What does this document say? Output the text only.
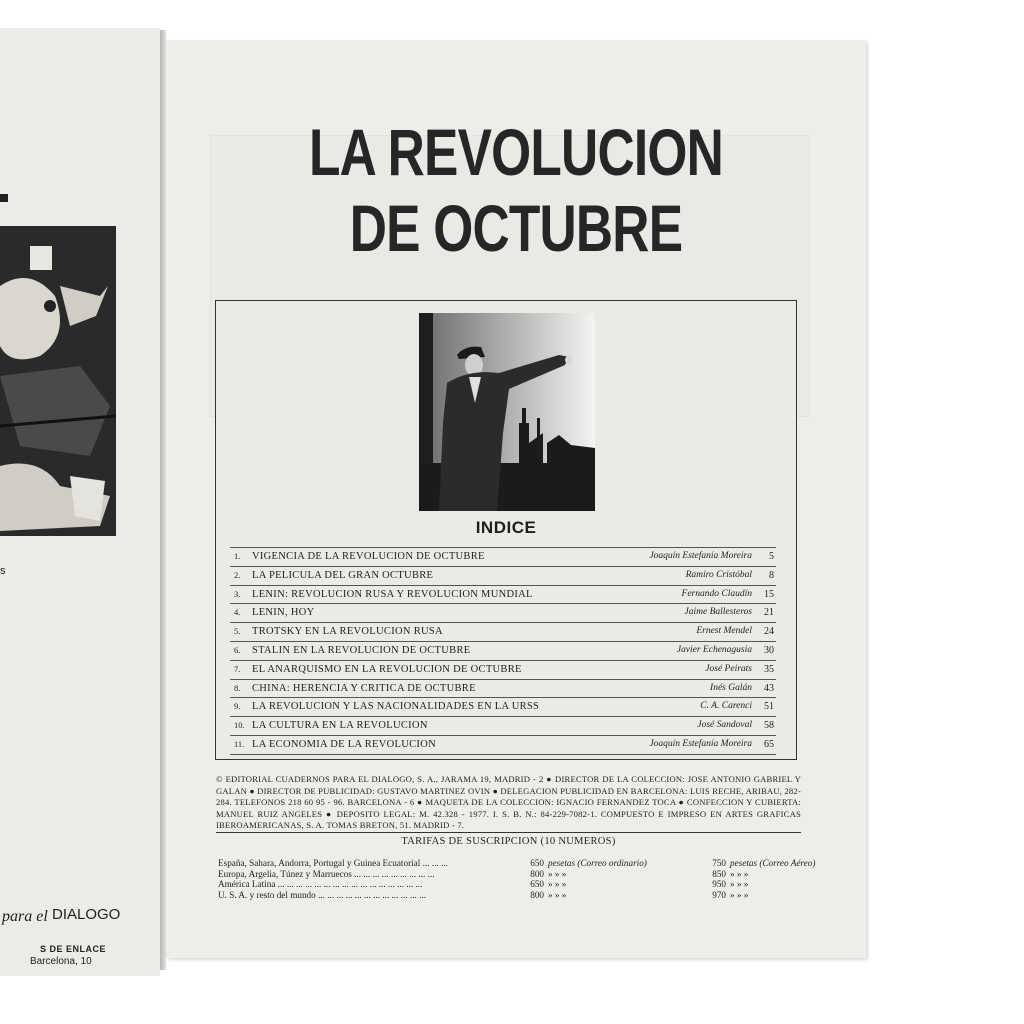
s
para el DIALOGO
S DE ENLACE
Barcelona, 10
LA REVOLUCION
DE OCTUBRE
INDICE
1.	VIGENCIA DE LA REVOLUCION DE OCTUBRE	Joaquín Estefanía Moreira	5
2.	LA PELICULA DEL GRAN OCTUBRE	Ramiro Cristóbal	8
3.	LENIN: REVOLUCION RUSA Y REVOLUCION MUNDIAL	Fernando Claudín	15
4.	LENIN, HOY	Jaime Ballesteros	21
5.	TROTSKY EN LA REVOLUCION RUSA	Ernest Mendel	24
6.	STALIN EN LA REVOLUCION DE OCTUBRE	Javier Echenagusia	30
7.	EL ANARQUISMO EN LA REVOLUCION DE OCTUBRE	José Peirats	35
8.	CHINA: HERENCIA Y CRITICA DE OCTUBRE	Inés Galán	43
9.	LA REVOLUCION Y LAS NACIONALIDADES EN LA URSS	C. A. Carenci	51
10. LA CULTURA EN LA REVOLUCION	José Sandoval	58
11. LA ECONOMIA DE LA REVOLUCION	Joaquín Estefanía Moreira	65
© EDITORIAL CUADERNOS PARA EL DIALOGO, S. A., JARAMA 19, MADRID - 2 ● DIRECTOR DE LA COLECCION: JOSE ANTONIO GABRIEL Y GALAN ● DIRECTOR DE PUBLICIDAD: GUSTAVO MARTINEZ OVIN ● DELEGACION PUBLICIDAD EN BARCELONA: LUIS RECHE, ARIBAU, 282-284. TELEFONOS 218 60 95 - 96. BARCELONA - 6 ● MAQUETA DE LA COLECCION: IGNACIO FERNANDEZ TOCA ● CONFECCION Y CUBIERTA: MANUEL RUIZ ANGELES ● DEPOSITO LEGAL: M. 42.328 - 1977. I. S. B. N.: 84-229-7082-1. COMPUESTO E IMPRESO EN ARTES GRAFICAS IBEROAMERICANAS, S. A. TOMAS BRETON, 51. MADRID - 7.
TARIFAS DE SUSCRIPCION (10 NUMEROS)
España, Sahara, Andorra, Portugal y Guinea Ecuatorial ... ... ...	650 pesetas (Correo ordinario)	750 pesetas (Correo Aéreo)
Europa, Argelia, Túnez y Marruecos ... ... ... ... ... ... ... ... ...	800 » » »	850 » » »
América Latina ... ... ... ... ... ... ... ... ... ... ... ... ... ... ... ...	650 » » »	950 » » »
U. S. A. y resto del mundo ... ... ... ... ... ... ... ... ... ... ... ...	800 » » »	970 » » »
